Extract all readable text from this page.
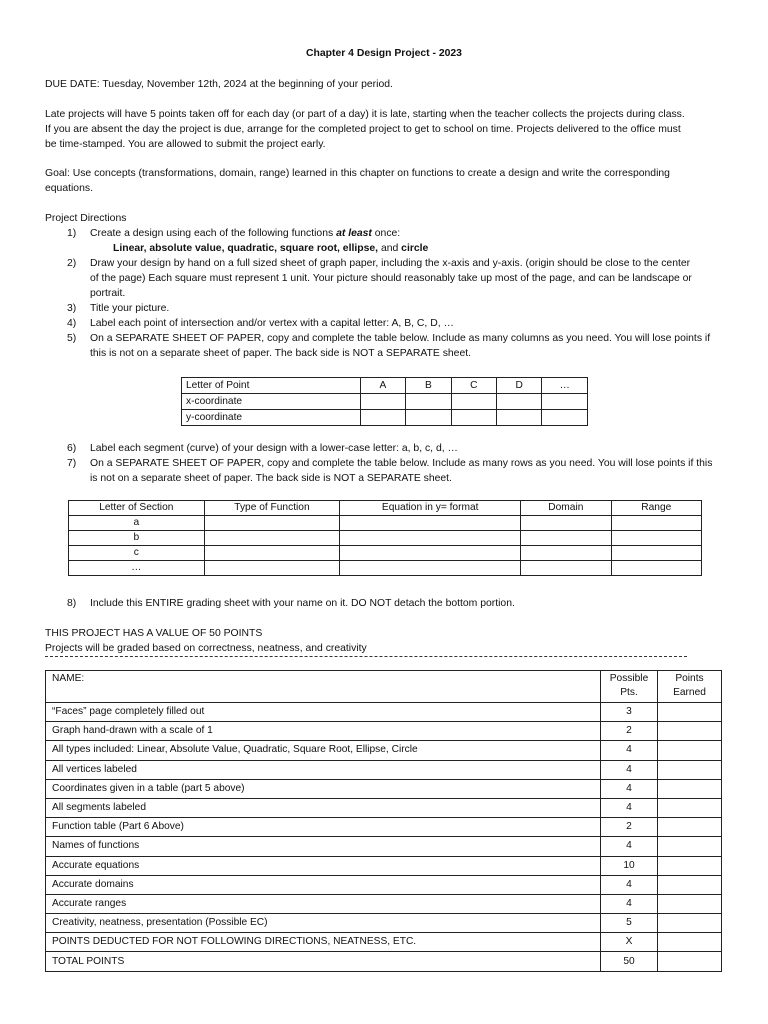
Chapter 4 Design Project - 2023
DUE DATE: Tuesday, November 12th, 2024 at the beginning of your period.
Late projects will have 5 points taken off for each day (or part of a day) it is late, starting when the teacher collects the projects during class.
If you are absent the day the project is due, arrange for the completed project to get to school on time. Projects delivered to the office must
be time-stamped. You are allowed to submit the project early.
Goal: Use concepts (transformations, domain, range) learned in this chapter on functions to create a design and write the corresponding
equations.
Project Directions
1) Create a design using each of the following functions at least once:
Linear, absolute value, quadratic, square root, ellipse, and circle
2) Draw your design by hand on a full sized sheet of graph paper, including the x-axis and y-axis. (origin should be close to the center
of the page) Each square must represent 1 unit. Your picture should reasonably take up most of the page, and can be landscape or
portrait.
3) Title your picture.
4) Label each point of intersection and/or vertex with a capital letter: A, B, C, D, …
5) On a SEPARATE SHEET OF PAPER, copy and complete the table below. Include as many columns as you need. You will lose points if
this is not on a separate sheet of paper. The back side is NOT a SEPARATE sheet.
Letter of Point	A	B	C	D	…
x-coordinate					
y-coordinate					
6) Label each segment (curve) of your design with a lower-case letter: a, b, c, d, …
7) On a SEPARATE SHEET OF PAPER, copy and complete the table below. Include as many rows as you need. You will lose points if this
is not on a separate sheet of paper. The back side is NOT a SEPARATE sheet.
Letter of Section	Type of Function	Equation in y= format	Domain	Range
a				
b				
c				
…				
8) Include this ENTIRE grading sheet with your name on it. DO NOT detach the bottom portion.
THIS PROJECT HAS A VALUE OF 50 POINTS
Projects will be graded based on correctness, neatness, and creativity
NAME:	Possible Pts.	Points Earned
“Faces” page completely filled out	3	
Graph hand-drawn with a scale of 1	2	
All types included: Linear, Absolute Value, Quadratic, Square Root, Ellipse, Circle	4	
All vertices labeled	4	
Coordinates given in a table (part 5 above)	4	
All segments labeled	4	
Function table (Part 6 Above)	2	
Names of functions	4	
Accurate equations	10	
Accurate domains	4	
Accurate ranges	4	
Creativity, neatness, presentation (Possible EC)	5	
POINTS DEDUCTED FOR NOT FOLLOWING DIRECTIONS, NEATNESS, ETC.	X	
TOTAL POINTS	50	
